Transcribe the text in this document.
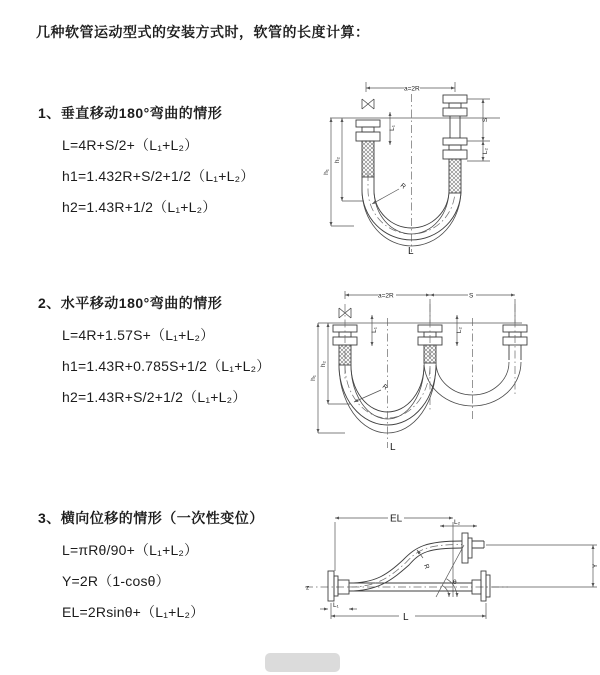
几种软管运动型式的安装方式时，软管的长度计算：
1、垂直移动180°弯曲的情形
L=4R+S/2+（L₁+L₂）
h1=1.432R+S/2+1/2（L₁+L₂）
h2=1.43R+1/2（L₁+L₂）
2、水平移动180°弯曲的情形
L=4R+1.57S+（L₁+L₂）
h1=1.43R+0.785S+1/2（L₁+L₂）
h2=1.43R+S/2+1/2（L₁+L₂）
3、横向位移的情形（一次性变位）
L=πRθ/90+（L₁+L₂）
Y=2R（1-cosθ）
EL=2Rsinθ+（L₁+L₂）
a=2R
L₁
S
L₂
R
h₁
h₂
L
a=2R	S
L₁	L₂
R
h₁
h₂
L
EL	L₂
z
R
θ
Y
L₁
L
